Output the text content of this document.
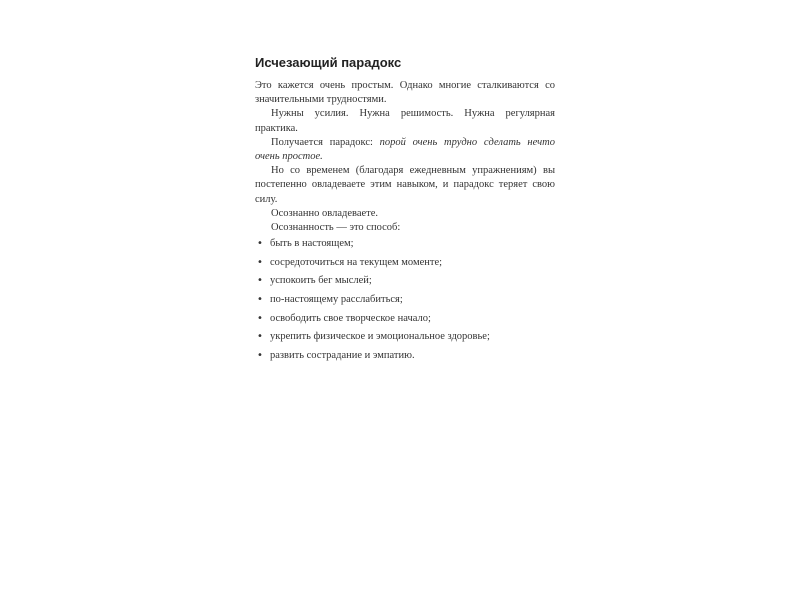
Исчезающий парадокс

Это кажется очень простым. Однако многие сталкиваются со значительными трудностями.

Нужны усилия. Нужна решимость. Нужна регулярная практика.

Получается парадокс: порой очень трудно сделать нечто очень простое.

Но со временем (благодаря ежедневным упражнениям) вы постепенно овладеваете этим навыком, и парадокс теряет свою силу.

Осознанно овладеваете.

Осознанность — это способ:

• быть в настоящем;
• сосредоточиться на текущем моменте;
• успокоить бег мыслей;
• по-настоящему расслабиться;
• освободить свое творческое начало;
• укрепить физическое и эмоциональное здоровье;
• развить сострадание и эмпатию.
